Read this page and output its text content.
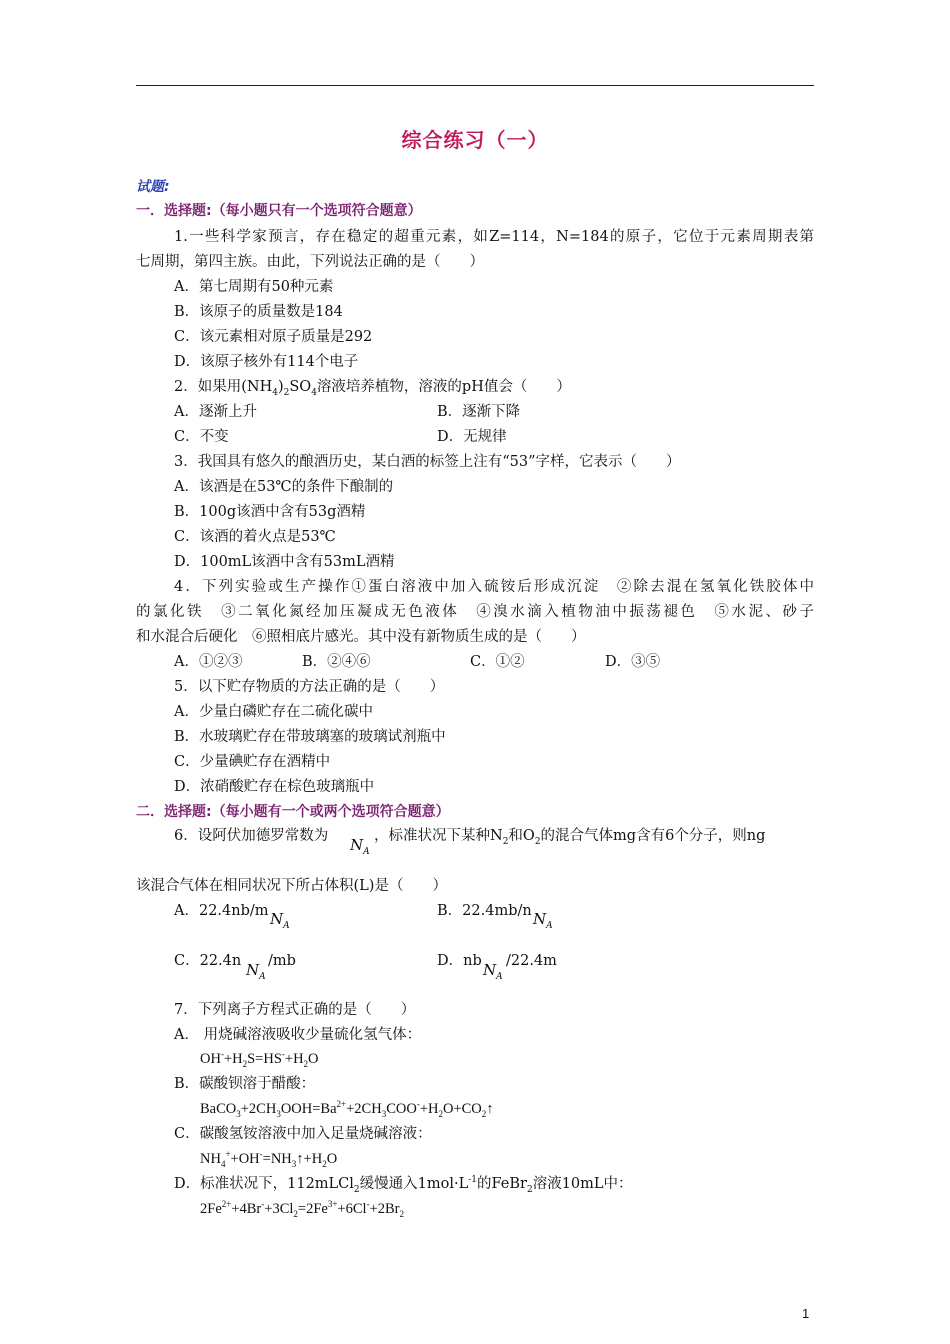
综合练习（一）
试题:
一．选择题:（每小题只有一个选项符合题意）
1.一些科学家预言，存在稳定的超重元素，如Z=114，N=184的原子，它位于元素周期表第
七周期，第四主族。由此，下列说法正确的是（　　）
A．第七周期有50种元素
B．该原子的质量数是184
C．该元素相对原子质量是292
D．该原子核外有114个电子
2．如果用$(NH_4)_2SO_4$溶液培养植物，溶液的pH值会（　　）
A．逐渐上升	B．逐渐下降
C．不变	D．无规律
3．我国具有悠久的酿酒历史，某白酒的标签上注有“53”字样，它表示（　　）
A．该酒是在53℃的条件下酿制的
B．100g该酒中含有53g酒精
C．该酒的着火点是53℃
D．100mL该酒中含有53mL酒精
4．下列实验或生产操作①蛋白溶液中加入硫铵后形成沉淀　②除去混在氢氧化铁胶体中
的氯化铁　③二氧化氮经加压凝成无色液体　④溴水滴入植物油中振荡褪色　⑤水泥、砂子
和水混合后硬化　⑥照相底片感光。其中没有新物质生成的是（　　）
A．①②③	B．②④⑥	C．①②	D．③⑤
5．以下贮存物质的方法正确的是（　　）
A．少量白磷贮存在二硫化碳中
B．水玻璃贮存在带玻璃塞的玻璃试剂瓶中
C．少量碘贮存在酒精中
D．浓硝酸贮存在棕色玻璃瓶中
二．选择题:（每小题有一个或两个选项符合题意）
6．设阿伏加德罗常数为 $N_A$
，标准状况下某种$N_2$和$O_2$的混合气体mg含有6个分子，则ng
该混合气体在相同状况下所占体积(L)是（　　）
A．22.4nb/m $N_A$
B．22.4mb/n $N_A$
C．22.4n $N_A$
/mb	D．nb $N_A$
/22.4m
7．下列离子方程式正确的是（　　）
A． 用烧碱溶液吸收少量硫化氢气体：
$OH^-+H_2S=HS^-+H_2O$
B．碳酸钡溶于醋酸：
$BaCO_3+2CH_3OOH=Ba^{2+}+2CH_3COO^-+H_2O+CO_2↑$
C．碳酸氢铵溶液中加入足量烧碱溶液：
$NH_4^++OH^-=NH_3↑+H_2O$
D．标准状况下，112mLCl$_2$缓慢通入$1mol\cdot L^{-1}$的FeBr$_2$溶液10mL中：
$2Fe^{2+}+4Br^-+3Cl_2=2Fe^{3+}+6Cl^-+2Br_2$
1
